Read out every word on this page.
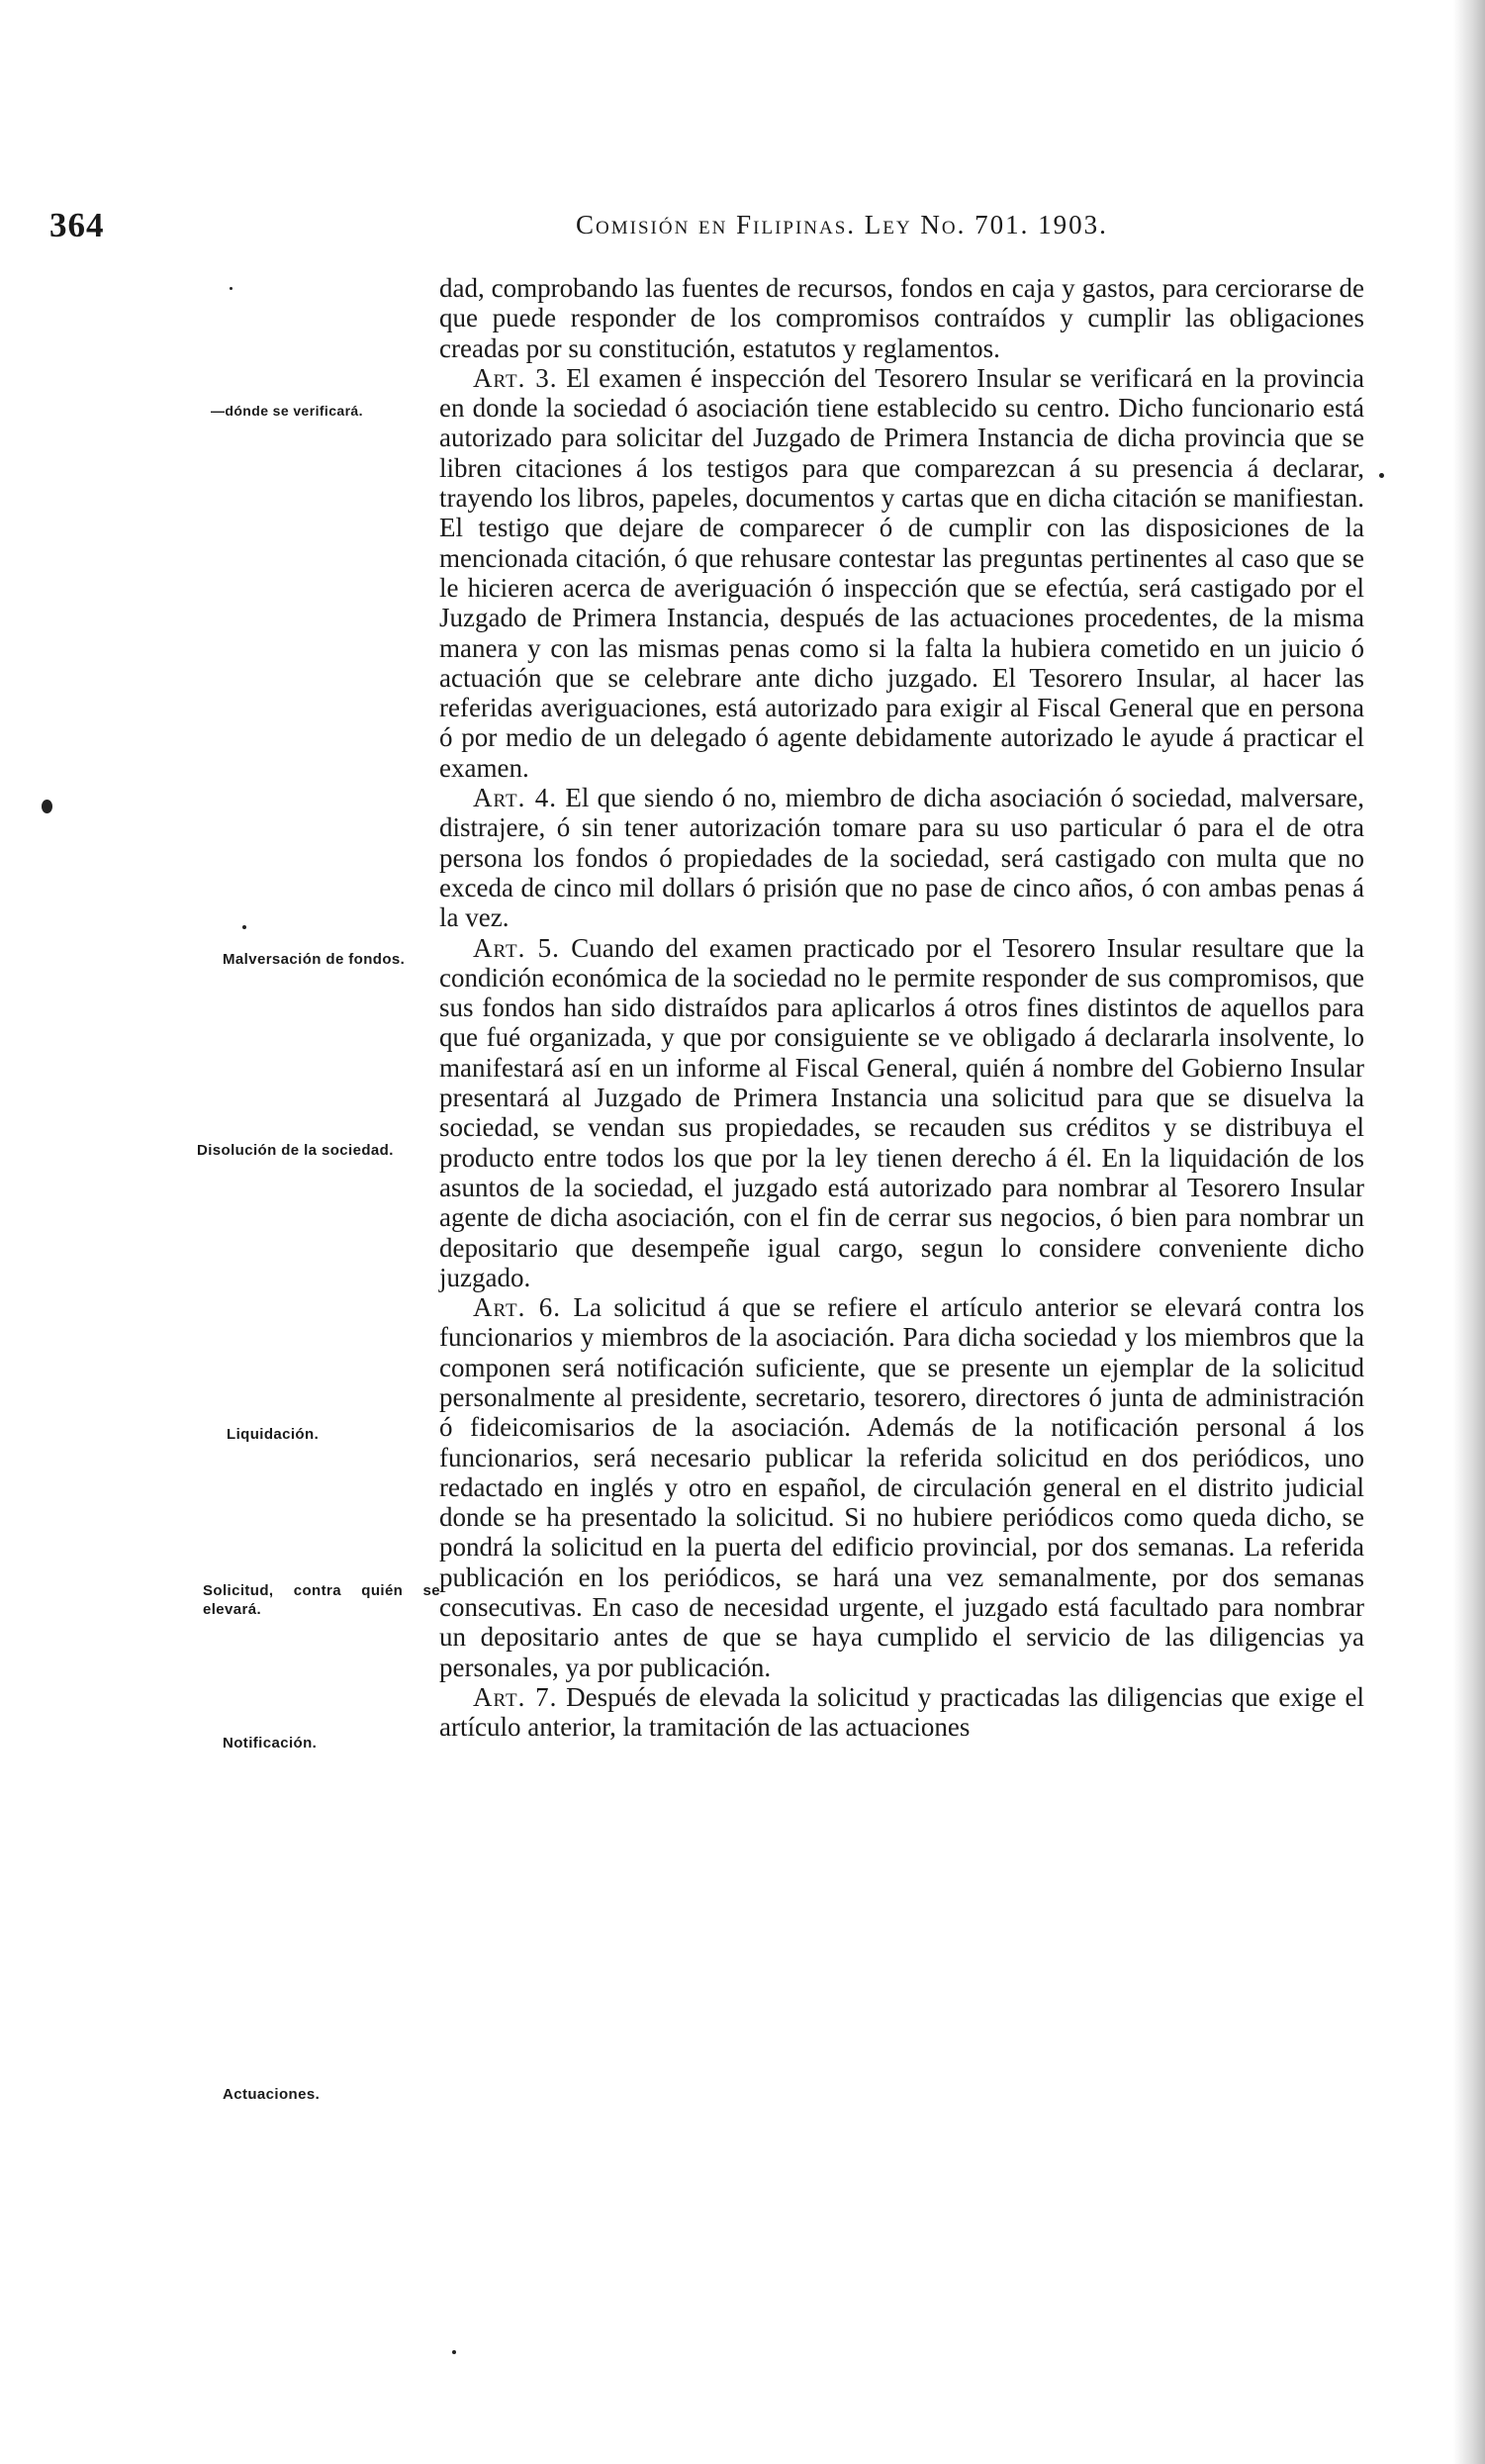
364	Comisión en Filipinas. Ley No. 701. 1903.
—dónde se verificará.
Malversación de fondos.
Disolución de la sociedad.
Liquidación.
Solicitud, contra quién se elevará.
Notificación.
Actuaciones.

dad, comprobando las fuentes de recursos, fondos en caja y gastos, para cerciorarse de que puede responder de los compromisos contraídos y cumplir las obligaciones creadas por su constitución, estatutos y reglamentos.

Art. 3. El examen é inspección del Tesorero Insular se verificará en la provincia en donde la sociedad ó asociación tiene establecido su centro. Dicho funcionario está autorizado para solicitar del Juzgado de Primera Instancia de dicha provincia que se libren citaciones á los testigos para que comparezcan á su presencia á declarar, trayendo los libros, papeles, documentos y cartas que en dicha citación se manifiestan. El testigo que dejare de comparecer ó de cumplir con las disposiciones de la mencionada citación, ó que rehusare contestar las preguntas pertinentes al caso que se le hicieren acerca de averiguación ó inspección que se efectúa, será castigado por el Juzgado de Primera Instancia, después de las actuaciones procedentes, de la misma manera y con las mismas penas como si la falta la hubiera cometido en un juicio ó actuación que se celebrare ante dicho juzgado. El Tesorero Insular, al hacer las referidas averiguaciones, está autorizado para exigir al Fiscal General que en persona ó por medio de un delegado ó agente debidamente autorizado le ayude á practicar el examen.

Art. 4. El que siendo ó no, miembro de dicha asociación ó sociedad, malversare, distrajere, ó sin tener autorización tomare para su uso particular ó para el de otra persona los fondos ó propiedades de la sociedad, será castigado con multa que no exceda de cinco mil dollars ó prisión que no pase de cinco años, ó con ambas penas á la vez.

Art. 5. Cuando del examen practicado por el Tesorero Insular resultare que la condición económica de la sociedad no le permite responder de sus compromisos, que sus fondos han sido distraídos para aplicarlos á otros fines distintos de aquellos para que fué organizada, y que por consiguiente se ve obligado á declararla insolvente, lo manifestará así en un informe al Fiscal General, quién á nombre del Gobierno Insular presentará al Juzgado de Primera Instancia una solicitud para que se disuelva la sociedad, se vendan sus propiedades, se recauden sus créditos y se distribuya el producto entre todos los que por la ley tienen derecho á él. En la liquidación de los asuntos de la sociedad, el juzgado está autorizado para nombrar al Tesorero Insular agente de dicha asociación, con el fin de cerrar sus negocios, ó bien para nombrar un depositario que desempeñe igual cargo, segun lo considere conveniente dicho juzgado.

Art. 6. La solicitud á que se refiere el artículo anterior se elevará contra los funcionarios y miembros de la asociación. Para dicha sociedad y los miembros que la componen será notificación suficiente, que se presente un ejemplar de la solicitud personalmente al presidente, secretario, tesorero, directores ó junta de administración ó fideicomisarios de la asociación. Además de la notificación personal á los funcionarios, será necesario publicar la referida solicitud en dos periódicos, uno redactado en inglés y otro en español, de circulación general en el distrito judicial donde se ha presentado la solicitud. Si no hubiere periódicos como queda dicho, se pondrá la solicitud en la puerta del edificio provincial, por dos semanas. La referida publicación en los periódicos, se hará una vez semanalmente, por dos semanas consecutivas. En caso de necesidad urgente, el juzgado está facultado para nombrar un depositario antes de que se haya cumplido el servicio de las diligencias ya personales, ya por publicación.

Art. 7. Después de elevada la solicitud y practicadas las diligencias que exige el artículo anterior, la tramitación de las actuaciones
